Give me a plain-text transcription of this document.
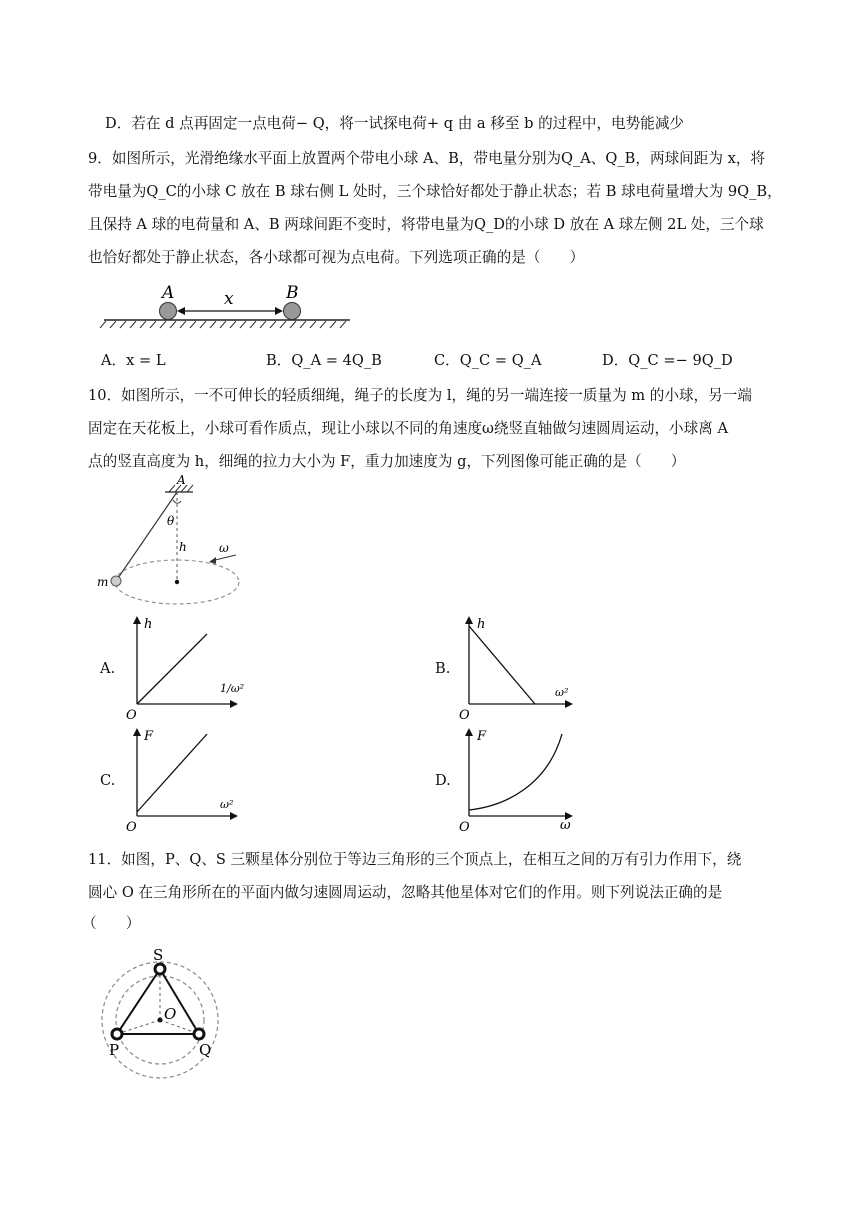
D．若在 d 点再固定一点电荷− Q，将一试探电荷+ q 由 a 移至 b 的过程中，电势能减少
9．如图所示，光滑绝缘水平面上放置两个带电小球 A、B，带电量分别为Q_A、Q_B，两球间距为 x，将
带电量为Q_C的小球 C 放在 B 球右侧 L 处时，三个球恰好都处于静止状态；若 B 球电荷量增大为 9Q_B，
且保持 A 球的电荷量和 A、B 两球间距不变时，将带电量为Q_D的小球 D 放在 A 球左侧 2L 处，三个球
也恰好都处于静止状态，各小球都可视为点电荷。下列选项正确的是（　　）
A	B
x
A．x = L	B．Q_A = 4Q_B	C．Q_C = Q_A	D．Q_C =− 9Q_D
10．如图所示，一不可伸长的轻质细绳，绳子的长度为 l，绳的另一端连接一质量为 m 的小球，另一端
固定在天花板上，小球可看作质点，现让小球以不同的角速度ω绕竖直轴做匀速圆周运动，小球离 A
点的竖直高度为 h，细绳的拉力大小为 F，重力加速度为 g，下列图像可能正确的是（　　）
A
θ
h	ω
m
A.	B.
C.	D.
h
O
1/ω²
h
O
ω²
F
O
ω²
F
O	ω
11．如图，P、Q、S 三颗星体分别位于等边三角形的三个顶点上，在相互之间的万有引力作用下，绕
圆心 O 在三角形所在的平面内做匀速圆周运动，忽略其他星体对它们的作用。则下列说法正确的是
（　　）
S
P	Q
O
